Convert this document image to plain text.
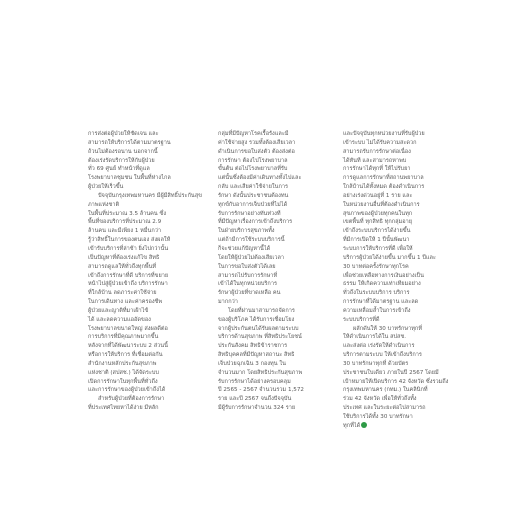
การส่งต่อผู้ป่วยให้ชัดเจน และ
สามารถให้บริการได้ตามมาตรฐาน
ถ้วนไม่ต้องรอนาน นอกจากนี้
ต้องเร่งรัดบริการให้กับผู้ป่วย
ทั่ว 69 ศูนย์ ทำหน้าที่ดูแล
โรงพยาบาลชุมชน ในพื้นที่ห่างไกล
ผู้ป่วยให้เร็วขึ้น

ปัจจุบันกรุงเทพมหานคร มีผู้มีสิทธิ์ประกันสุขภาพแห่งชาติ
ในพื้นที่ประมาณ 3.5 ล้านคน ซึ่ง
พื้นที่ของบริการที่ประมาณ 2.9
ล้านคน และมีเพียง 1 หมื่นกว่า
รู้ว่าสิทธิ์ในการของตนเอง ส่งผลให้
เข้ารับบริการที่ล่าช้า ยิ่งไปกว่านั้น
เป็นปัญหาที่ต้องเร่งแก้ไข สิทธิ
สามารถดูแลให้ทั่วถึงทุกพื้นที่
เข้าถึงการรักษาที่ดี บริการที่ขยาย
หน้าไปสู่ผู้ป่วยเข้าถึง บริการรักษา
ที่ใกล้บ้าน ลดภาระค่าใช้จ่าย
ในการเดินทาง และค่าครองชีพ
ผู้ป่วยและญาติที่มาเฝ้าไข้
ได้ และลดความแออัดของ
โรงพยาบาลขนาดใหญ่ ส่งผลดีต่อ
การบริการที่มีคุณภาพมากขึ้น
หลังจากที่ได้พัฒนาระบบ 2 ส่วนนี้
หรือการให้บริการ ที่เชื่อมต่อกัน
สำนักงานหลักประกันสุขภาพ
แห่งชาติ (สปสช.) ได้จัดระบบ
เปิดการรักษาในทุกพื้นที่ทั่วถึง
และการรักษาของผู้ป่วยเข้าถึงได้

สำหรับผู้ป่วยที่ต้องการรักษา
ที่ประเทศไทยหาได้ง่าย มีหลัก

กลุ่มที่มีปัญหาโรคเรื้อรังและมี
ค่าใช้จ่ายสูง รวมทั้งต้องเสียเวลา
ดำเนินการขอใบส่งตัว ต้องส่งต่อ
การรักษา ต้องไปโรงพยาบาล
ขั้นต้น ต่อไปโรงพยาบาลที่รับ
แต่นั้นซึ่งต้องมีค่าเดินทางทั้งไปและ
กลับ และเสียค่าใช้จ่ายในการ
รักษา ดังนั้นประชาชนต้องทน
ทุกข์กับอาการเจ็บป่วยที่ไม่ได้
รับการรักษาอย่างทันท่วงที
ที่มีปัญหาเรื่องการเข้าถึงบริการ
ในฝ่ายบริการสุขภาพทั้ง
แต่ถ้ามีการใช้ระบบบริการนี้
ก็จะช่วยแก้ปัญหานี้ได้
โดยให้ผู้ป่วยไม่ต้องเสียเวลา
ในการขอใบส่งตัวได้เลย
สามารถไปรับการรักษาที่
เข้าได้ในทุกหน่วยบริการ
รักษาผู้ป่วยที่ขาดเหลือ คน
มากกว่า

โดยที่ผ่านมาสามารถจัดการ
ของผู้บริโภค ได้รับการเชื่อมโยง
จากผู้ประกันตนได้รับผลตามระบบ
บริการด้านสุขภาพ ที่สิทธิประโยชน์
ประกันสังคม สิทธิข้าราชการ
สิทธิบุคคลที่มีปัญหาสถานะ สิทธิ
เจ็บป่วยฉุกเฉิน 3 กองทุน ใน
จำนวนมาก โดยสิทธิประกันสุขภาพ
รับการรักษาได้อย่างครอบคลุม
ปี 2565 - 2567 จำนวนรวม 1,572
ราย และปี 2567 จนถึงปัจจุบัน
มีผู้รับการรักษาจำนวน 324 ราย

และปัจจุบันทุกหน่วยงานที่รับผู้ป่วย
เข้าระบบ ไม่ได้รับความสะดวก
สามารถรับการรักษาต่อเนื่อง
ได้ทันที และสามารถหาพบ
การรักษาได้ทุกที่ ให้ไปรับยา
การดูแลการรักษาที่สถานพยาบาล
ใกล้บ้านได้ทั้งหมด ต้องดำเนินการ
อย่างเร่งด่วนอยู่ที่ 1 ราย และ
ในหน่วยงานอื่นที่ต้องดำเนินการ
สุขภาพของผู้ป่วยทุกคนในทุก
เขตพื้นที่ ทุกสิทธิ ทุกกลุ่มอายุ
เข้าถึงระบบบริการได้ง่ายขึ้น
ที่มีการเปิดให้ 1 ปีนั้นพัฒนา
ระบบการให้บริการที่ดี เพื่อให้
บริการผู้ป่วยได้ง่ายขึ้น มากขึ้น 1 ปีและ
30 บาทต่อครั้งรักษาทุกโรค
เพื่อช่วยเหลือทางการเงินอย่างเป็น
ธรรม ให้เกิดความเท่าเทียมอย่าง
ทั่วถึงในระบบบริการ บริการ
การรักษาที่ได้มาตรฐาน และลด
ความเหลื่อมล้ำในการเข้าถึง
ระบบบริการที่ดี

ผลักดันให้ 30 บาทรักษาทุกที่
ให้ดำเนินการได้ใน สปสช.
และส่งต่อ เร่งรัดให้ดำเนินการ
บริการตามระบบ ให้เข้าถึงบริการ
30 บาทรักษาทุกที่ ด้วยบัตร
ประชาชนใบเดียว ภายในปี 2567 โดยมี
เป้าหมายให้เปิดบริการ 42 จังหวัด ซึ่งรวมถึง
กรุงเทพมหานคร (กทม.) ในคลินิกที่
ร่วม 42 จังหวัด เพื่อให้ทั่วถึงทั้ง
ประเทศ และในระยะต่อไปสามารถ
ใช้บริการได้ทั้ง 30 บาทรักษา
ทุกที่ได้
